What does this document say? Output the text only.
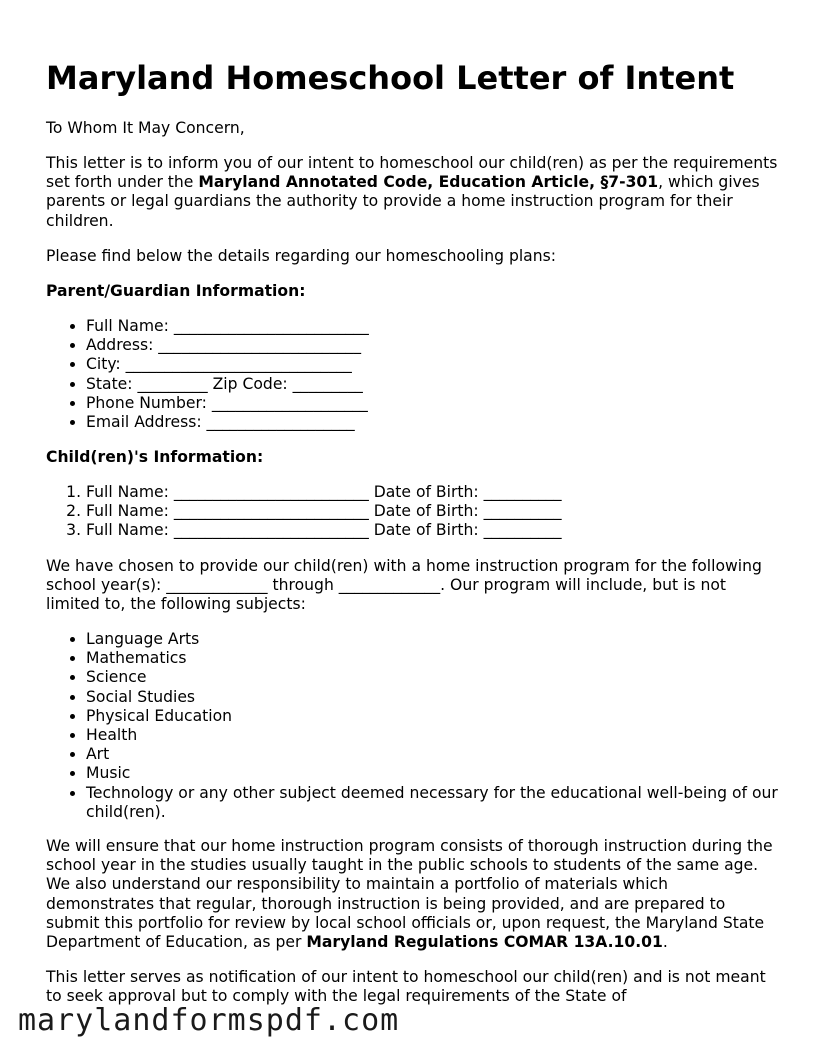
Maryland Homeschool Letter of Intent

To Whom It May Concern,

This letter is to inform you of our intent to homeschool our child(ren) as per the requirements set forth under the Maryland Annotated Code, Education Article, §7-301, which gives parents or legal guardians the authority to provide a home instruction program for their children.

Please find below the details regarding our homeschooling plans:

Parent/Guardian Information:

• Full Name: _________________________
• Address: __________________________
• City: _____________________________
• State: _________ Zip Code: _________
• Phone Number: ____________________
• Email Address: ___________________

Child(ren)'s Information:

1. Full Name: _________________________ Date of Birth: __________
2. Full Name: _________________________ Date of Birth: __________
3. Full Name: _________________________ Date of Birth: __________

We have chosen to provide our child(ren) with a home instruction program for the following school year(s): _____________ through _____________. Our program will include, but is not limited to, the following subjects:

• Language Arts
• Mathematics
• Science
• Social Studies
• Physical Education
• Health
• Art
• Music
• Technology or any other subject deemed necessary for the educational well-being of our child(ren).

We will ensure that our home instruction program consists of thorough instruction during the school year in the studies usually taught in the public schools to students of the same age. We also understand our responsibility to maintain a portfolio of materials which demonstrates that regular, thorough instruction is being provided, and are prepared to submit this portfolio for review by local school officials or, upon request, the Maryland State Department of Education, as per Maryland Regulations COMAR 13A.10.01.

This letter serves as notification of our intent to homeschool our child(ren) and is not meant to seek approval but to comply with the legal requirements of the State of

marylandformspdf.com
